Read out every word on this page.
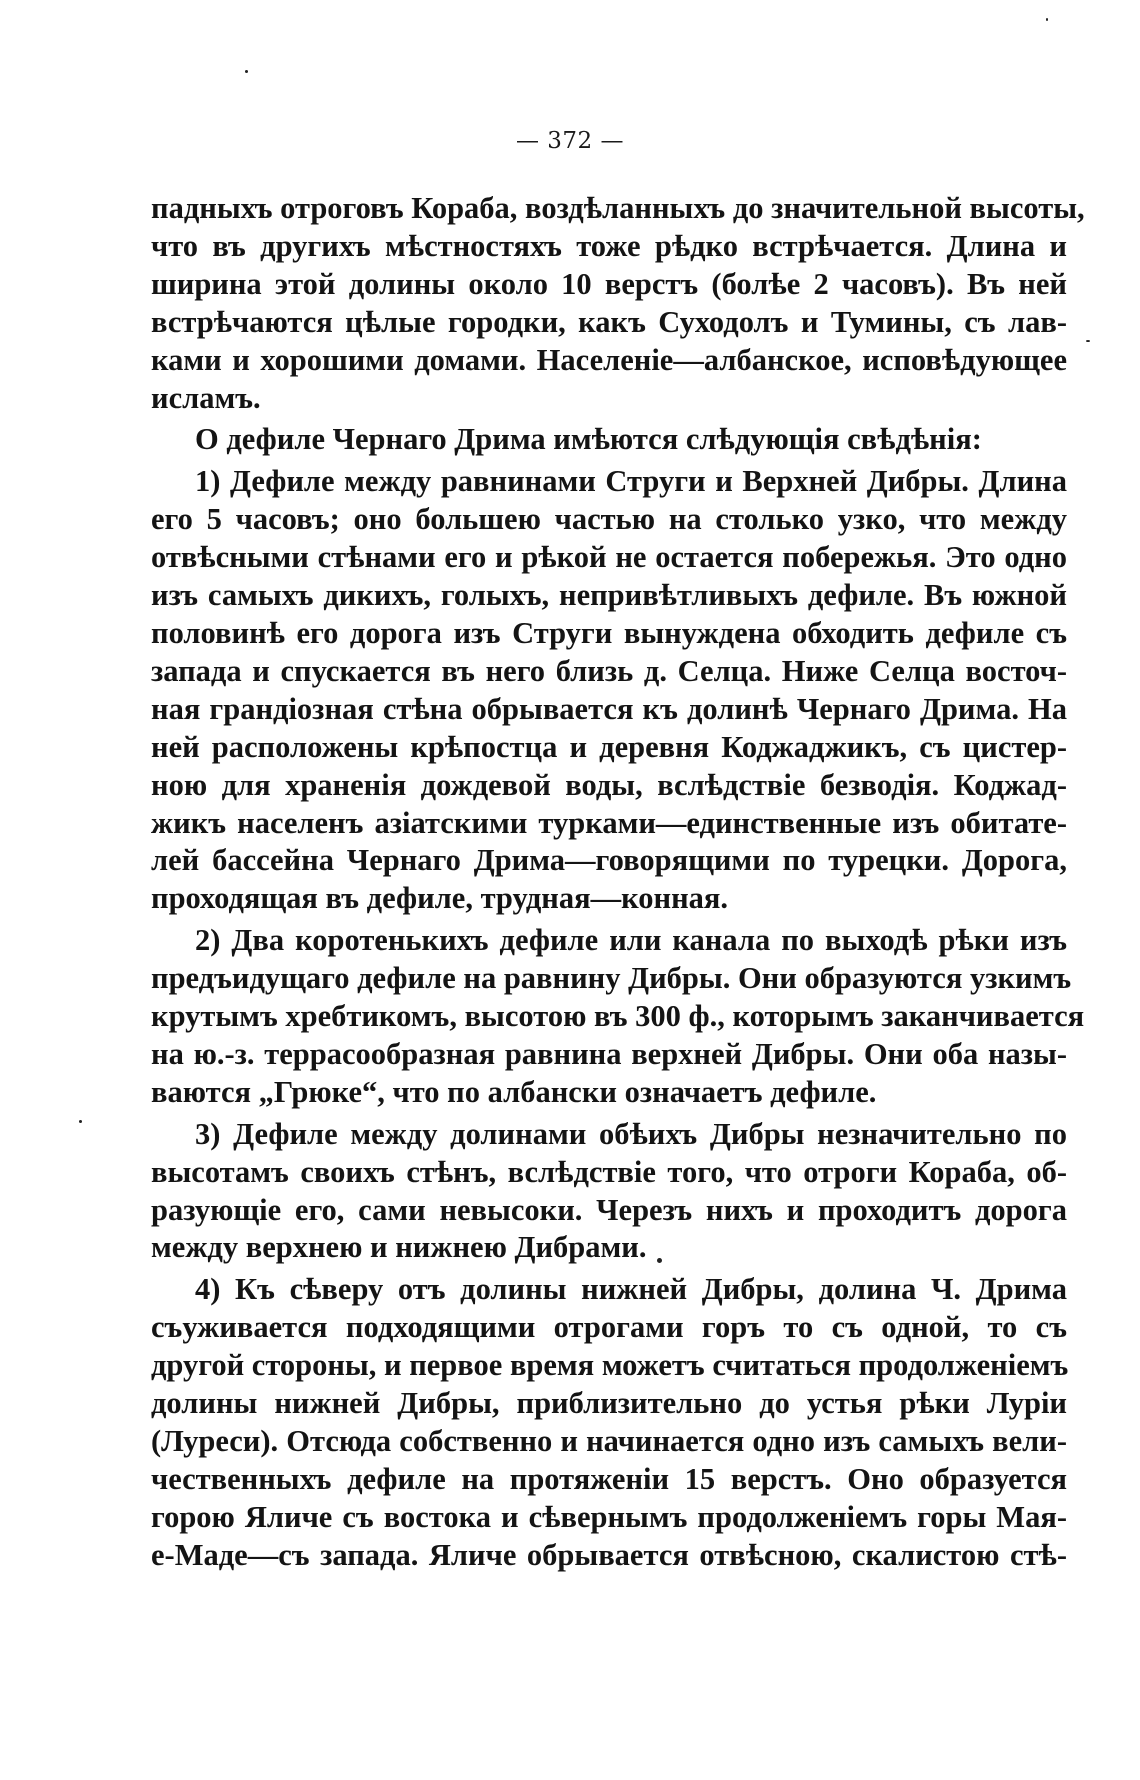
— 372 —
падныхъ отроговъ Кораба, воздѣланныхъ до значительной высоты,
что въ другихъ мѣстностяхъ тоже рѣдко встрѣчается. Длина и
ширина этой долины около 10 верстъ (болѣе 2 часовъ). Въ ней
встрѣчаются цѣлые городки, какъ Суходолъ и Тумины, съ лав-
ками и хорошими домами. Населеніе—албанское, исповѣдующее
исламъ.
О дефиле Чернаго Дрима имѣются слѣдующія свѣдѣнія:
1) Дефиле между равнинами Струги и Верхней Дибры. Длина
его 5 часовъ; оно большею частью на столько узко, что между
отвѣсными стѣнами его и рѣкой не остается побережья. Это одно
изъ самыхъ дикихъ, голыхъ, непривѣтливыхъ дефиле. Въ южной
половинѣ его дорога изъ Струги вынуждена обходить дефиле съ
запада и спускается въ него близь д. Селца. Ниже Селца восточ-
ная грандіозная стѣна обрывается къ долинѣ Чернаго Дрима. На
ней расположены крѣпостца и деревня Коджаджикъ, съ цистер-
ною для храненія дождевой воды, вслѣдствіе безводія. Коджад-
жикъ населенъ азіатскими турками—единственные изъ обитате-
лей бассейна Чернаго Дрима—говорящими по турецки. Дорога,
проходящая въ дефиле, трудная—конная.
2) Два коротенькихъ дефиле или канала по выходѣ рѣки изъ
предъидущаго дефиле на равнину Дибры. Они образуются узкимъ
крутымъ хребтикомъ, высотою въ 300 ф., которымъ заканчивается
на ю.-з. террасообразная равнина верхней Дибры. Они оба назы-
ваются „Грюке“, что по албански означаетъ дефиле.
3) Дефиле между долинами обѣихъ Дибры незначительно по
высотамъ своихъ стѣнъ, вслѣдствіе того, что отроги Кораба, об-
разующіе его, сами невысоки. Черезъ нихъ и проходитъ дорога
между верхнею и нижнею Дибрами.
4) Къ сѣверу отъ долины нижней Дибры, долина Ч. Дрима
съуживается подходящими отрогами горъ то съ одной, то съ
другой стороны, и первое время можетъ считаться продолженіемъ
долины нижней Дибры, приблизительно до устья рѣки Луріи
(Луреси). Отсюда собственно и начинается одно изъ самыхъ вели-
чественныхъ дефиле на протяженіи 15 верстъ. Оно образуется
горою Яличе съ востока и сѣвернымъ продолженіемъ горы Мая-
е-Маде—съ запада. Яличе обрывается отвѣсною, скалистою стѣ-
